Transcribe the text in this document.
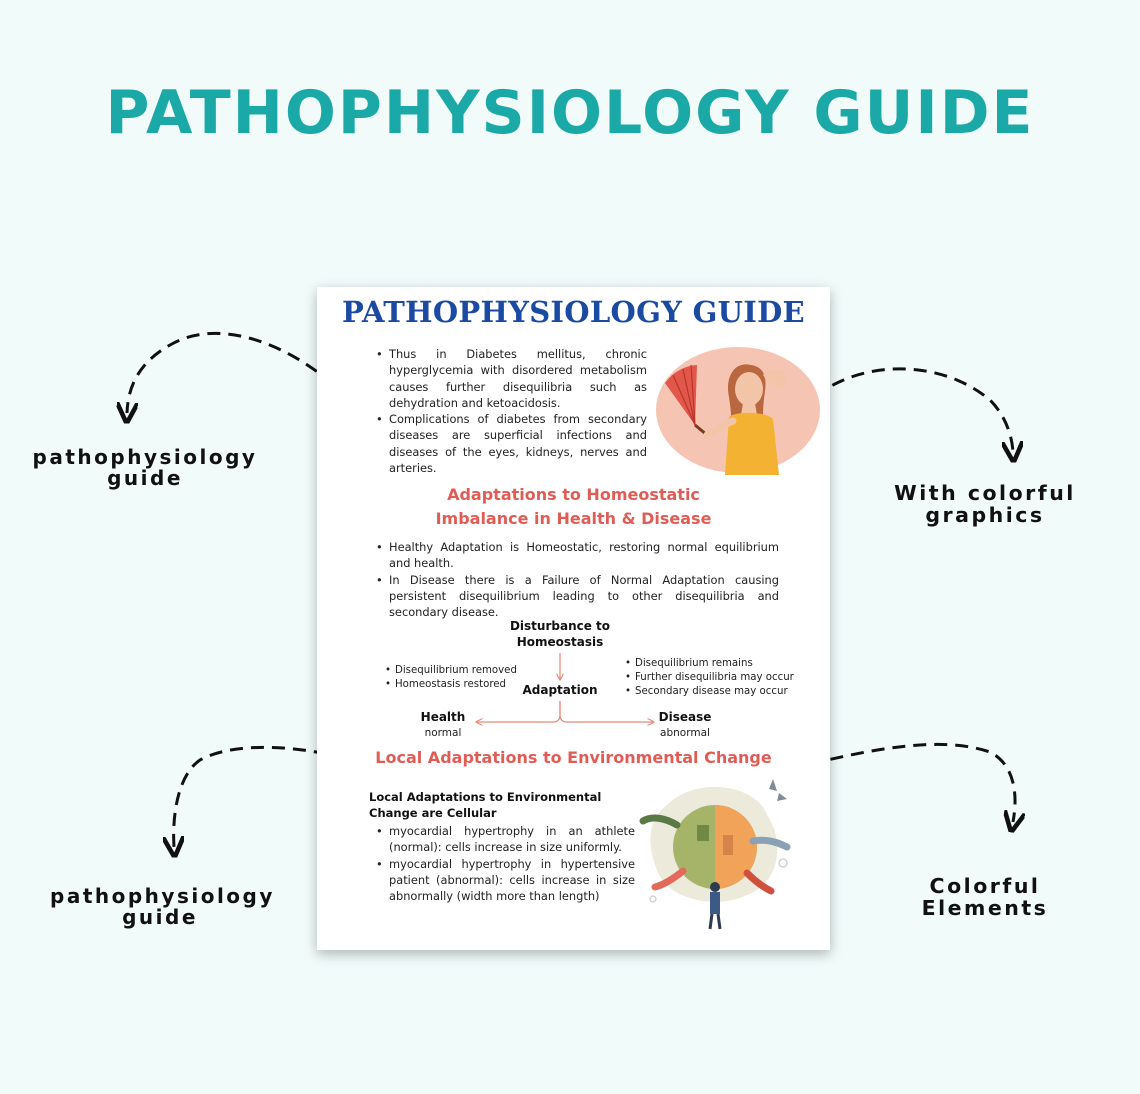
PATHOPHYSIOLOGY GUIDE
pathophysiology
guide
With colorful
graphics
pathophysiology
guide
Colorful
Elements
PATHOPHYSIOLOGY GUIDE
• Thus in Diabetes mellitus, chronic hyperglycemia with disordered metabolism causes further disequilibria such as dehydration and ketoacidosis.
• Complications of diabetes from secondary diseases are superficial infections and diseases of the eyes, kidneys, nerves and arteries.
Adaptations to Homeostatic
Imbalance in Health & Disease
• Healthy Adaptation is Homeostatic, restoring normal equilibrium and health.
• In Disease there is a Failure of Normal Adaptation causing persistent disequilibrium leading to other disequilibria and secondary disease.
Disturbance to
Homeostasis
• Disequilibrium removed
• Homeostasis restored
• Disequilibrium remains
• Further disequilibria may occur
• Secondary disease may occur
Adaptation
Health
normal
Disease
abnormal
Local Adaptations to Environmental Change

Local Adaptations to Environmental Change are Cellular

• myocardial hypertrophy in an athlete (normal): cells increase in size uniformly.
• myocardial hypertrophy in hypertensive patient (abnormal): cells increase in size abnormally (width more than length)
